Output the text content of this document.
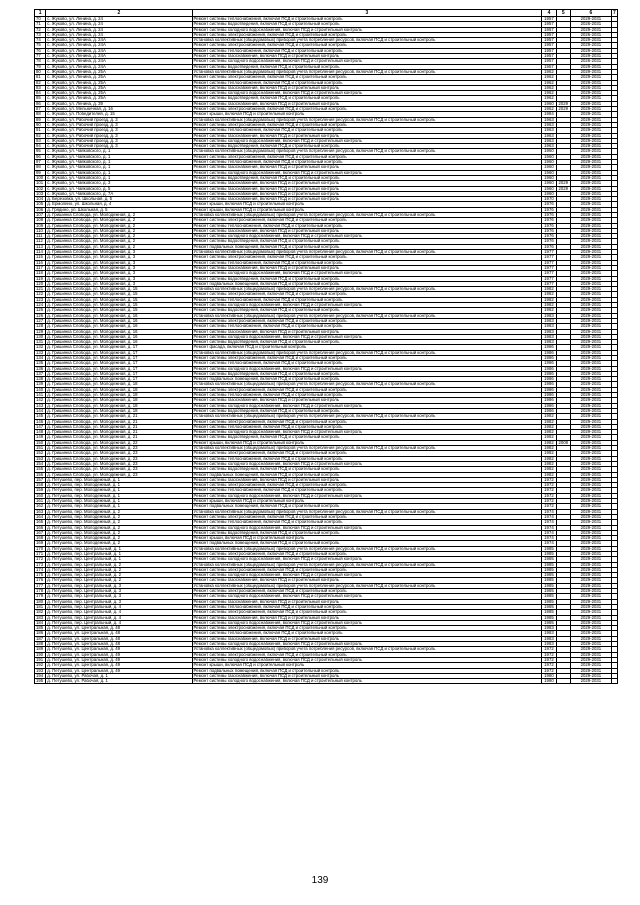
1	2	3	4	5	6	7
70	с. Жуково, ул. Ленина, д. 24	Ремонт системы теплоснабжения, включая ПСД и строительный контроль	1957		2029-2031	
71	с. Жуково, ул. Ленина, д. 24	Ремонт системы водоотведения, включая ПСД и строительный контроль	1957		2026-2031	
72	с. Жуково, ул. Ленина, д. 24	Ремонт системы холодного водоснабжения, включая ПСД и строительный контроль	1957		2029-2031	
73	с. Жуково, ул. Ленина, д. 24	Ремонт системы электроснабжения, включая ПСД и строительный контроль	1957		2026-2031	
74	с. Жуково, ул. Ленина, д. 24А	Установка коллективных (общедомовых) приборов учета потребления ресурсов, включая ПСД и строительный контроль	1957		2029-2031	
75	с. Жуково, ул. Ленина, д. 24А	Ремонт системы электроснабжения, включая ПСД и строительный контроль	1957		2029-2031	
76	с. Жуково, ул. Ленина, д. 24А	Ремонт системы теплоснабжения, включая ПСД и строительный контроль	1957		2029-2031	
77	с. Жуково, ул. Ленина, д. 24А	Ремонт системы газоснабжения, включая ПСД и строительный контроль	1957		2029-2031	
78	с. Жуково, ул. Ленина, д. 24А	Ремонт системы холодного водоснабжения, включая ПСД и строительный контроль	1957		2026-2031	
79	с. Жуково, ул. Ленина, д. 24А	Ремонт системы водоотведения, включая ПСД и строительный контроль	1957		2029-2031	
80	с. Жуково, ул. Ленина, д. 25А	Установка коллективных (общедомовых) приборов учета потребления ресурсов, включая ПСД и строительный контроль	1962		2029-2031	
81	с. Жуково, ул. Ленина, д. 25А	Ремонт системы электроснабжения, включая ПСД и строительный контроль	1962		2029-2031	
82	с. Жуково, ул. Ленина, д. 25А	Ремонт системы теплоснабжения, включая ПСД и строительный контроль	1962		2029-2031	
83	с. Жуково, ул. Ленина, д. 25А	Ремонт системы газоснабжения, включая ПСД и строительный контроль	1962		2026-2031	
84	с. Жуково, ул. Ленина, д. 25А	Ремонт системы холодного водоснабжения, включая ПСД и строительный контроль	1962		2029-2031	
85	с. Жуково, ул. Ленина, д. 25А	Ремонт системы водоотведения, включая ПСД и строительный контроль	1962		2029-2031	
86	с. Жуково, ул. Ленина, д. 39	Ремонт системы газоснабжения, включая ПСД и строительный контроль	1960	2029	2029-2031	
87	с. Жуково, ул. Мельничная, д. 16	Ремонт системы электроснабжения, включая ПСД и строительный контроль	1962	2029	2029-2031	
88	с. Жуково, ул. Победителей, д. 15	Ремонт крыши, включая ПСД и строительный контроль	1984		2029-2031	
89	с. Жуково, ул. Рабочий проезд, д. 3	Установка коллективных (общедомовых) приборов учета потребления ресурсов, включая ПСД и строительный контроль	1963		2029-2031	
90	с. Жуково, ул. Рабочий проезд, д. 3	Ремонт системы электроснабжения, включая ПСД и строительный контроль	1963		2029-2031	
91	с. Жуково, ул. Рабочий проезд, д. 3	Ремонт системы теплоснабжения, включая ПСД и строительный контроль	1963		2029-2031	
92	с. Жуково, ул. Рабочий проезд, д. 3	Ремонт системы газоснабжения, включая ПСД и строительный контроль	1963		2029-2031	
93	с. Жуково, ул. Рабочий проезд, д. 3	Ремонт системы холодного водоснабжения, включая ПСД и строительный контроль	1963		2029-2031	
94	с. Жуково, ул. Рабочий проезд, д. 3	Ремонт системы водоотведения, включая ПСД и строительный контроль	1963		2029-2031	
95	с. Жуково, ул. Чайковского, д. 1	Установка коллективных (общедомовых) приборов учета потребления ресурсов, включая ПСД и строительный контроль	1960		2029-2031	
96	с. Жуково, ул. Чайковского, д. 1	Ремонт системы электроснабжения, включая ПСД и строительный контроль	1960		2029-2031	
97	с. Жуково, ул. Чайковского, д. 1	Ремонт системы теплоснабжения, включая ПСД и строительный контроль	1960		2029-2031	
98	с. Жуково, ул. Чайковского, д. 1	Ремонт системы газоснабжения, включая ПСД и строительный контроль	1960		2029-2031	
99	с. Жуково, ул. Чайковского, д. 1	Ремонт системы холодного водоснабжения, включая ПСД и строительный контроль	1960		2026-2031	
100	с. Жуково, ул. Чайковского, д. 1	Ремонт системы водоотведения, включая ПСД и строительный контроль	1960		2029-2031	
101	с. Жуково, ул. Чайковского, д. 3	Ремонт системы газоснабжения, включая ПСД и строительный контроль	1960	2029	2029-2031	
102	с. Жуково, ул. Чайковского, д. 5	Ремонт системы газоснабжения, включая ПСД и строительный контроль	1960	2029	2029-2031	
103	с. Жуково, ул. Чайковского, д. 7А	Ремонт системы газоснабжения, включая ПСД и строительный контроль	1960		2029-2031	
104	д. Березовка, ул. Школьная, д. 5	Ремонт системы газоснабжения, включая ПСД и строительный контроль	1970		2029-2031	
105	д. Ермолино, ул. Школьная, д. 4	Ремонт крыши, включая ПСД и строительный контроль	1976		2029-2031	
106	д. Грядино, ул. Школьная, д. 5	Ремонт крыши, включая ПСД и строительный контроль	1976		2029-2031	
107	д. Гришинка Слобода, ул. Молодежная, д. 2	Установка коллективных (общедомовых) приборов учета потребления ресурсов, включая ПСД и строительный контроль	1976		2029-2031	
108	д. Гришинка Слобода, ул. Молодежная, д. 2	Ремонт системы электроснабжения, включая ПСД и строительный контроль	1976		2029-2031	
109	д. Гришинка Слобода, ул. Молодежная, д. 2	Ремонт системы теплоснабжения, включая ПСД и строительный контроль	1976		2029-2031	
110	д. Гришинка Слобода, ул. Молодежная, д. 2	Ремонт системы газоснабжения, включая ПСД и строительный контроль	1976		2029-2031	
111	д. Гришинка Слобода, ул. Молодежная, д. 2	Ремонт системы холодного водоснабжения, включая ПСД и строительный контроль	1976		2029-2031	
112	д. Гришинка Слобода, ул. Молодежная, д. 2	Ремонт системы водоотведения, включая ПСД и строительный контроль	1976		2029-2031	
113	д. Гришинка Слобода, ул. Молодежная, д. 2	Ремонт подвальных помещений, включая ПСД и строительный контроль	1976		2029-2031	
114	д. Гришинка Слобода, ул. Молодежная, д. 3	Установка коллективных (общедомовых) приборов учета потребления ресурсов, включая ПСД и строительный контроль	1977		2029-2031	
115	д. Гришинка Слобода, ул. Молодежная, д. 3	Ремонт системы электроснабжения, включая ПСД и строительный контроль	1977		2029-2031	
116	д. Гришинка Слобода, ул. Молодежная, д. 3	Ремонт системы теплоснабжения, включая ПСД и строительный контроль	1977		2029-2031	
117	д. Гришинка Слобода, ул. Молодежная, д. 3	Ремонт системы газоснабжения, включая ПСД и строительный контроль	1977		2029-2031	
118	д. Гришинка Слобода, ул. Молодежная, д. 3	Ремонт системы холодного водоснабжения, включая ПСД и строительный контроль	1977		2029-2031	
119	д. Гришинка Слобода, ул. Молодежная, д. 3	Ремонт системы водоотведения, включая ПСД и строительный контроль	1977		2029-2031	
120	д. Гришинка Слобода, ул. Молодежная, д. 3	Ремонт подвальных помещений, включая ПСД и строительный контроль	1977		2029-2031	
121	д. Гришинка Слобода, ул. Молодежная, д. 15	Установка коллективных (общедомовых) приборов учета потребления ресурсов, включая ПСД и строительный контроль	1982		2029-2031	
122	д. Гришинка Слобода, ул. Молодежная, д. 15	Ремонт системы электроснабжения, включая ПСД и строительный контроль	1982		2029-2031	
123	д. Гришинка Слобода, ул. Молодежная, д. 15	Ремонт системы теплоснабжения, включая ПСД и строительный контроль	1982		2029-2031	
124	д. Гришинка Слобода, ул. Молодежная, д. 15	Ремонт системы холодного водоснабжения, включая ПСД и строительный контроль	1982		2029-2031	
125	д. Гришинка Слобода, ул. Молодежная, д. 15	Ремонт системы водоотведения, включая ПСД и строительный контроль	1982		2029-2031	
126	д. Гришинка Слобода, ул. Молодежная, д. 16	Установка коллективных (общедомовых) приборов учета потребления ресурсов, включая ПСД и строительный контроль	1983		2029-2031	
127	д. Гришинка Слобода, ул. Молодежная, д. 16	Ремонт системы электроснабжения, включая ПСД и строительный контроль	1983		2029-2031	
128	д. Гришинка Слобода, ул. Молодежная, д. 16	Ремонт системы теплоснабжения, включая ПСД и строительный контроль	1983		2029-2031	
129	д. Гришинка Слобода, ул. Молодежная, д. 16	Ремонт системы газоснабжения, включая ПСД и строительный контроль	1983		2029-2031	
130	д. Гришинка Слобода, ул. Молодежная, д. 16	Ремонт системы холодного водоснабжения, включая ПСД и строительный контроль	1983		2029-2031	
131	д. Гришинка Слобода, ул. Молодежная, д. 16	Ремонт системы водоотведения, включая ПСД и строительный контроль	1983		2029-2031	
132	д. Гришинка Слобода, ул. Молодежная, д. 17	Ремонт фасада, включая ПСД и строительный контроль	1986		2029-2031	
133	д. Гришинка Слобода, ул. Молодежная, д. 17	Установка коллективных (общедомовых) приборов учета потребления ресурсов, включая ПСД и строительный контроль	1986		2029-2031	
134	д. Гришинка Слобода, ул. Молодежная, д. 17	Ремонт системы электроснабжения, включая ПСД и строительный контроль	1986		2029-2031	
135	д. Гришинка Слобода, ул. Молодежная, д. 17	Ремонт системы теплоснабжения, включая ПСД и строительный контроль	1986		2029-2031	
136	д. Гришинка Слобода, ул. Молодежная, д. 17	Ремонт системы холодного водоснабжения, включая ПСД и строительный контроль	1986		2029-2031	
137	д. Гришинка Слобода, ул. Молодежная, д. 17	Ремонт системы водоотведения, включая ПСД и строительный контроль	1986		2029-2031	
138	д. Гришинка Слобода, ул. Молодежная, д. 17	Ремонт подвальных помещений, включая ПСД и строительный контроль	1986		2029-2031	
139	д. Гришинка Слобода, ул. Молодежная, д. 18	Установка коллективных (общедомовых) приборов учета потребления ресурсов, включая ПСД и строительный контроль	1986		2029-2031	
140	д. Гришинка Слобода, ул. Молодежная, д. 18	Ремонт системы электроснабжения, включая ПСД и строительный контроль	1986		2029-2031	
141	д. Гришинка Слобода, ул. Молодежная, д. 18	Ремонт системы теплоснабжения, включая ПСД и строительный контроль	1986		2029-2031	
142	д. Гришинка Слобода, ул. Молодежная, д. 18	Ремонт системы газоснабжения, включая ПСД и строительный контроль	1986		2029-2031	
143	д. Гришинка Слобода, ул. Молодежная, д. 18	Ремонт системы холодного водоснабжения, включая ПСД и строительный контроль	1986		2029-2031	
144	д. Гришинка Слобода, ул. Молодежная, д. 18	Ремонт системы водоотведения, включая ПСД и строительный контроль	1986		2029-2031	
145	д. Гришинка Слобода, ул. Молодежная, д. 21	Установка коллективных (общедомовых) приборов учета потребления ресурсов, включая ПСД и строительный контроль	1982		2029-2031	
146	д. Гришинка Слобода, ул. Молодежная, д. 21	Ремонт системы электроснабжения, включая ПСД и строительный контроль	1982		2029-2031	
147	д. Гришинка Слобода, ул. Молодежная, д. 21	Ремонт системы теплоснабжения, включая ПСД и строительный контроль	1982		2029-2031	
148	д. Гришинка Слобода, ул. Молодежная, д. 21	Ремонт системы холодного водоснабжения, включая ПСД и строительный контроль	1982		2029-2031	
149	д. Гришинка Слобода, ул. Молодежная, д. 21	Ремонт системы водоотведения, включая ПСД и строительный контроль	1982		2029-2031	
150	д. Гришинка Слобода, ул. Молодежная, д. 22	Ремонт крыши, включая ПСД и строительный контроль	1982	2008	2029-2031	
151	д. Гришинка Слобода, ул. Молодежная, д. 23	Установка коллективных (общедомовых) приборов учета потребления ресурсов, включая ПСД и строительный контроль	1982		2029-2031	
152	д. Гришинка Слобода, ул. Молодежная, д. 23	Ремонт системы электроснабжения, включая ПСД и строительный контроль	1982		2029-2031	
153	д. Гришинка Слобода, ул. Молодежная, д. 23	Ремонт системы теплоснабжения, включая ПСД и строительный контроль	1982		2029-2031	
154	д. Гришинка Слобода, ул. Молодежная, д. 23	Ремонт системы холодного водоснабжения, включая ПСД и строительный контроль	1982		2029-2031	
155	д. Гришинка Слобода, ул. Молодежная, д. 23	Ремонт системы водоотведения, включая ПСД и строительный контроль	1982		2029-2031	
156	д. Гришинка Слобода, ул. Молодежная, д. 23	Ремонт подвальных помещений, включая ПСД и строительный контроль	1982		2029-2031	
157	д. Петушево, пер. Молодежный, д. 1	Ремонт системы газоснабжения, включая ПСД и строительный контроль	1972		2029-2031	
158	д. Петушево, пер. Молодежный, д. 1	Ремонт системы электроснабжения, включая ПСД и строительный контроль	1972		2029-2031	
159	д. Петушево, пер. Молодежный, д. 1	Ремонт системы теплоснабжения, включая ПСД и строительный контроль	1972		2029-2031	
160	д. Петушево, пер. Молодежный, д. 1	Ремонт системы холодного водоснабжения, включая ПСД и строительный контроль	1972		2029-2031	
161	д. Петушево, пер. Молодежный, д. 1	Ремонт крыши, включая ПСД и строительный контроль	1972		2029-2031	
162	д. Петушево, пер. Молодежный, д. 1	Ремонт подвальных помещений, включая ПСД и строительный контроль	1972		2029-2031	
163	д. Петушево, пер. Молодежный, д. 2	Установка коллективных (общедомовых) приборов учета потребления ресурсов, включая ПСД и строительный контроль	1974		2029-2031	
164	д. Петушево, пер. Молодежный, д. 2	Ремонт системы электроснабжения, включая ПСД и строительный контроль	1974		2029-2031	
165	д. Петушево, пер. Молодежный, д. 2	Ремонт системы теплоснабжения, включая ПСД и строительный контроль	1974		2029-2031	
166	д. Петушево, пер. Молодежный, д. 2	Ремонт системы холодного водоснабжения, включая ПСД и строительный контроль	1974		2029-2031	
167	д. Петушево, пер. Молодежный, д. 2	Ремонт системы водоотведения, включая ПСД и строительный контроль	1974		2029-2031	
168	д. Петушево, пер. Молодежный, д. 2	Ремонт крыши, включая ПСД и строительный контроль	1974		2029-2031	
169	д. Петушево, пер. Молодежный, д. 2	Ремонт подвальных помещений, включая ПСД и строительный контроль	1974		2029-2031	
170	д. Петушево, пер. Центральный, д. 1	Установка коллективных (общедомовых) приборов учета потребления ресурсов, включая ПСД и строительный контроль	1985		2029-2031	
171	д. Петушево, пер. Центральный, д. 1	Ремонт системы электроснабжения, включая ПСД и строительный контроль	1985		2029-2031	
172	д. Петушево, пер. Центральный, д. 1	Ремонт системы холодного водоснабжения, включая ПСД и строительный контроль	1985		2029-2031	
173	д. Петушево, пер. Центральный, д. 2	Установка коллективных (общедомовых) приборов учета потребления ресурсов, включая ПСД и строительный контроль	1985		2029-2031	
174	д. Петушево, пер. Центральный, д. 2	Ремонт системы электроснабжения, включая ПСД и строительный контроль	1985		2029-2031	
175	д. Петушево, пер. Центральный, д. 2	Ремонт системы холодного водоснабжения, включая ПСД и строительный контроль	1985		2029-2031	
176	д. Петушево, пер. Центральный, д. 2	Ремонт системы газоснабжения, включая ПСД и строительный контроль	1985		2029-2031	
177	д. Петушево, пер. Центральный, д. 3	Установка коллективных (общедомовых) приборов учета потребления ресурсов, включая ПСД и строительный контроль	1985		2029-2031	
178	д. Петушево, пер. Центральный, д. 3	Ремонт системы электроснабжения, включая ПСД и строительный контроль	1985		2029-2031	
179	д. Петушево, пер. Центральный, д. 3	Ремонт системы холодного водоснабжения, включая ПСД и строительный контроль	1985		2029-2031	
180	д. Петушево, пер. Центральный, д. 3	Ремонт системы газоснабжения, включая ПСД и строительный контроль	1985		2029-2031	
181	д. Петушево, пер. Центральный, д. 4	Ремонт системы теплоснабжения, включая ПСД и строительный контроль	1985		2029-2031	
182	д. Петушево, пер. Центральный, д. 4	Ремонт системы электроснабжения, включая ПСД и строительный контроль	1985		2029-2031	
183	д. Петушево, пер. Центральный, д. 4	Ремонт системы газоснабжения, включая ПСД и строительный контроль	1985		2029-2031	
184	д. Петушево, пер. Центральный, д. 4	Ремонт системы холодного водоснабжения, включая ПСД и строительный контроль	1985		2029-2031	
185	д. Петушево, ул. Центральная, д. 48	Ремонт системы электроснабжения, включая ПСД и строительный контроль	1983		2029-2031	
186	д. Петушево, ул. Центральная, д. 48	Ремонт системы теплоснабжения, включая ПСД и строительный контроль	1983		2029-2031	
187	д. Петушево, ул. Центральная, д. 48	Ремонт системы газоснабжения, включая ПСД и строительный контроль	1983		2029-2031	
188	д. Петушево, ул. Центральная, д. 48	Ремонт системы холодного водоснабжения, включая ПСД и строительный контроль	1983		2029-2031	
189	д. Петушево, ул. Центральная, д. 49	Установка коллективных (общедомовых) приборов учета потребления ресурсов, включая ПСД и строительный контроль	1972		2029-2031	
190	д. Петушево, ул. Центральная, д. 49	Ремонт системы электроснабжения, включая ПСД и строительный контроль	1972		2029-2031	
191	д. Петушево, ул. Центральная, д. 49	Ремонт системы холодного водоснабжения, включая ПСД и строительный контроль	1972		2029-2031	
192	д. Петушево, ул. Центральная, д. 49	Ремонт крыши, включая ПСД и строительный контроль	1972		2029-2031	
193	д. Петушево, ул. Центральная, д. 49	Ремонт подвальных помещений, включая ПСД и строительный контроль	1972		2029-2031	
194	д. Петушево, ул. Рабочая, д. 1	Ремонт системы газоснабжения, включая ПСД и строительный контроль	1980		2029-2031	
195	д. Петушево, ул. Рабочая, д. 1	Ремонт системы холодного водоснабжения, включая ПСД и строительный контроль	1980		2029-2031	
139
